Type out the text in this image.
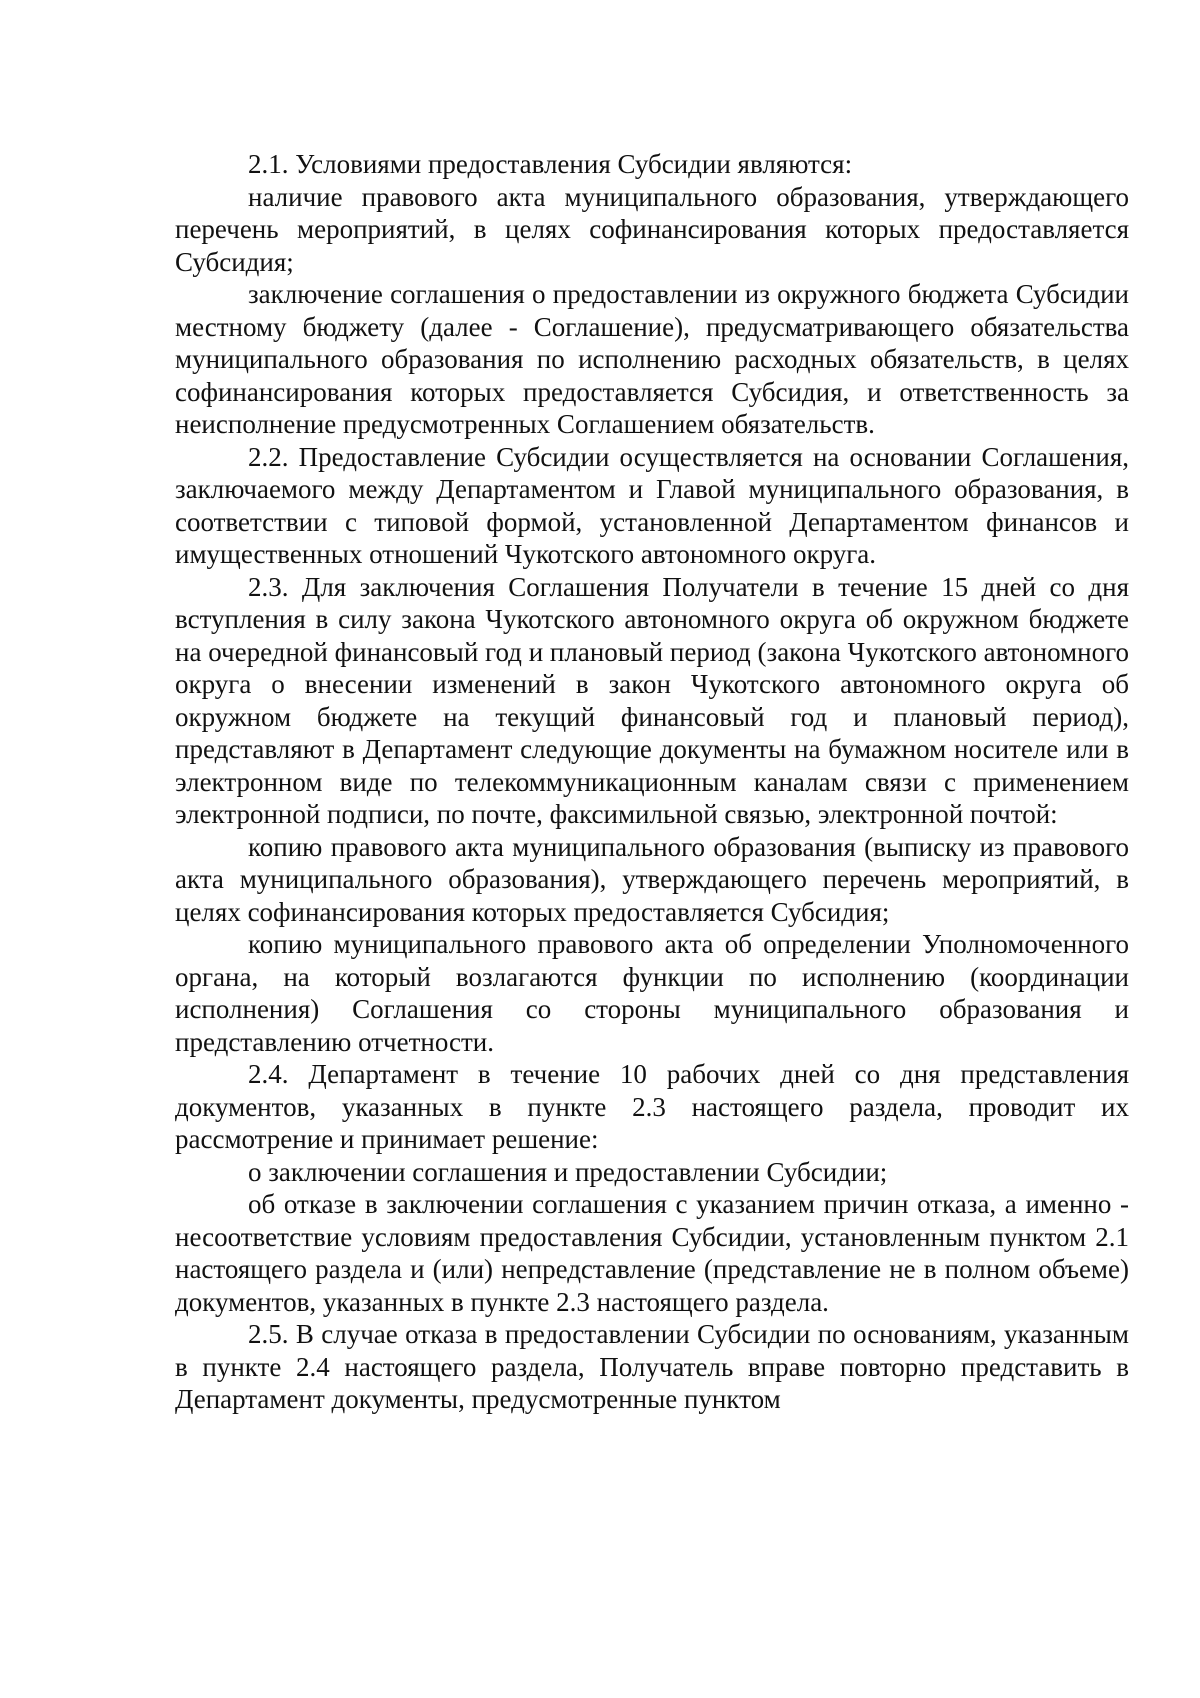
2.1. Условиями предоставления Субсидии являются:

наличие правового акта муниципального образования, утверждающего перечень мероприятий, в целях софинансирования которых предоставляется Субсидия;

заключение соглашения о предоставлении из окружного бюджета Субсидии местному бюджету (далее - Соглашение), предусматривающего обязательства муниципального образования по исполнению расходных обязательств, в целях софинансирования которых предоставляется Субсидия, и ответственность за неисполнение предусмотренных Соглашением обязательств.

2.2. Предоставление Субсидии осуществляется на основании Соглашения, заключаемого между Департаментом и Главой муниципального образования, в соответствии с типовой формой, установленной Департаментом финансов и имущественных отношений Чукотского автономного округа.

2.3. Для заключения Соглашения Получатели в течение 15 дней со дня вступления в силу закона Чукотского автономного округа об окружном бюджете на очередной финансовый год и плановый период (закона Чукотского автономного округа о внесении изменений в закон Чукотского автономного округа об окружном бюджете на текущий финансовый год и плановый период), представляют в Департамент следующие документы на бумажном носителе или в электронном виде по телекоммуникационным каналам связи с применением электронной подписи, по почте, факсимильной связью, электронной почтой:

копию правового акта муниципального образования (выписку из правового акта муниципального образования), утверждающего перечень мероприятий, в целях софинансирования которых предоставляется Субсидия;

копию муниципального правового акта об определении Уполномоченного органа, на который возлагаются функции по исполнению (координации исполнения) Соглашения со стороны муниципального образования и представлению отчетности.

2.4. Департамент в течение 10 рабочих дней со дня представления документов, указанных в пункте 2.3 настоящего раздела, проводит их рассмотрение и принимает решение:

о заключении соглашения и предоставлении Субсидии;

об отказе в заключении соглашения с указанием причин отказа, а именно - несоответствие условиям предоставления Субсидии, установленным пунктом 2.1 настоящего раздела и (или) непредставление (представление не в полном объеме) документов, указанных в пункте 2.3 настоящего раздела.

2.5. В случае отказа в предоставлении Субсидии по основаниям, указанным в пункте 2.4 настоящего раздела, Получатель вправе повторно представить в Департамент документы, предусмотренные пунктом
